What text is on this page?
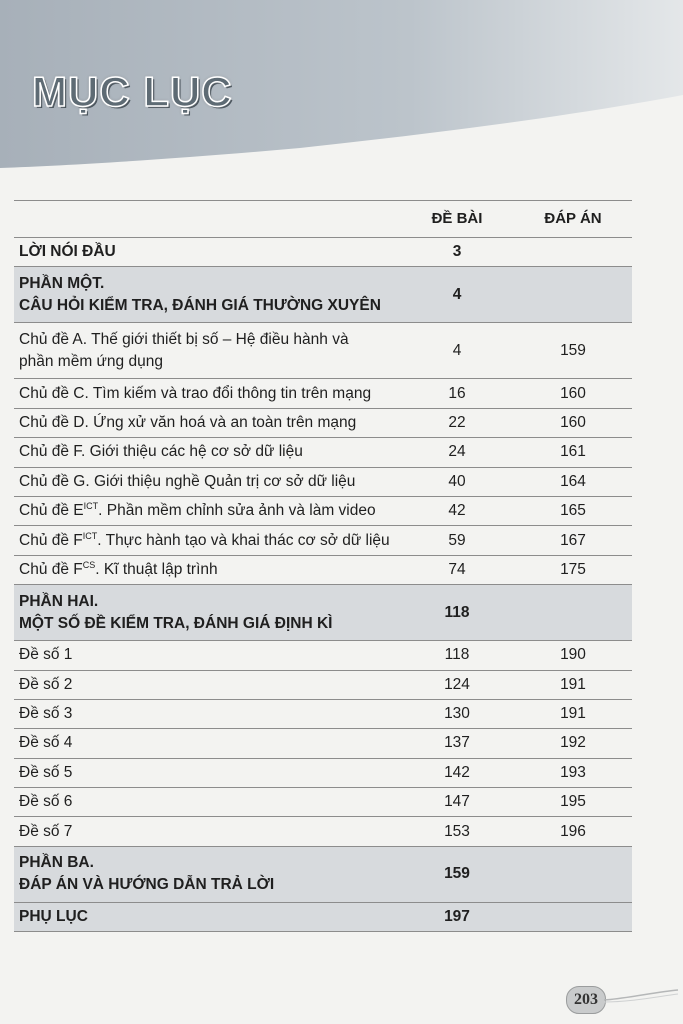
MỤC LỤC
	ĐỀ BÀI	ĐÁP ÁN
LỜI NÓI ĐẦU	3	

PHẦN MỘT.
CÂU HỎI KIỂM TRA, ĐÁNH GIÁ THƯỜNG XUYÊN	4	

Chủ đề A. Thế giới thiết bị số – Hệ điều hành và
phần mềm ứng dụng	4	159
Chủ đề C. Tìm kiếm và trao đổi thông tin trên mạng	16	160
Chủ đề D. Ứng xử văn hoá và an toàn trên mạng	22	160
Chủ đề F. Giới thiệu các hệ cơ sở dữ liệu	24	161
Chủ đề G. Giới thiệu nghề Quản trị cơ sở dữ liệu	40	164
Chủ đề $E^{ICT}$. Phần mềm chỉnh sửa ảnh và làm video	42	165
Chủ đề $F^{ICT}$. Thực hành tạo và khai thác cơ sở dữ liệu	59	167
Chủ đề $F^{CS}$. Kĩ thuật lập trình	74	175

PHẦN HAI.
MỘT SỐ ĐỀ KIỂM TRA, ĐÁNH GIÁ ĐỊNH KÌ	118	
Đề số 1	118	190
Đề số 2	124	191
Đề số 3	130	191
Đề số 4	137	192
Đề số 5	142	193
Đề số 6	147	195
Đề số 7	153	196

PHẦN BA.
ĐÁP ÁN VÀ HƯỚNG DẪN TRẢ LỜI	159	
PHỤ LỤC	197	
203
